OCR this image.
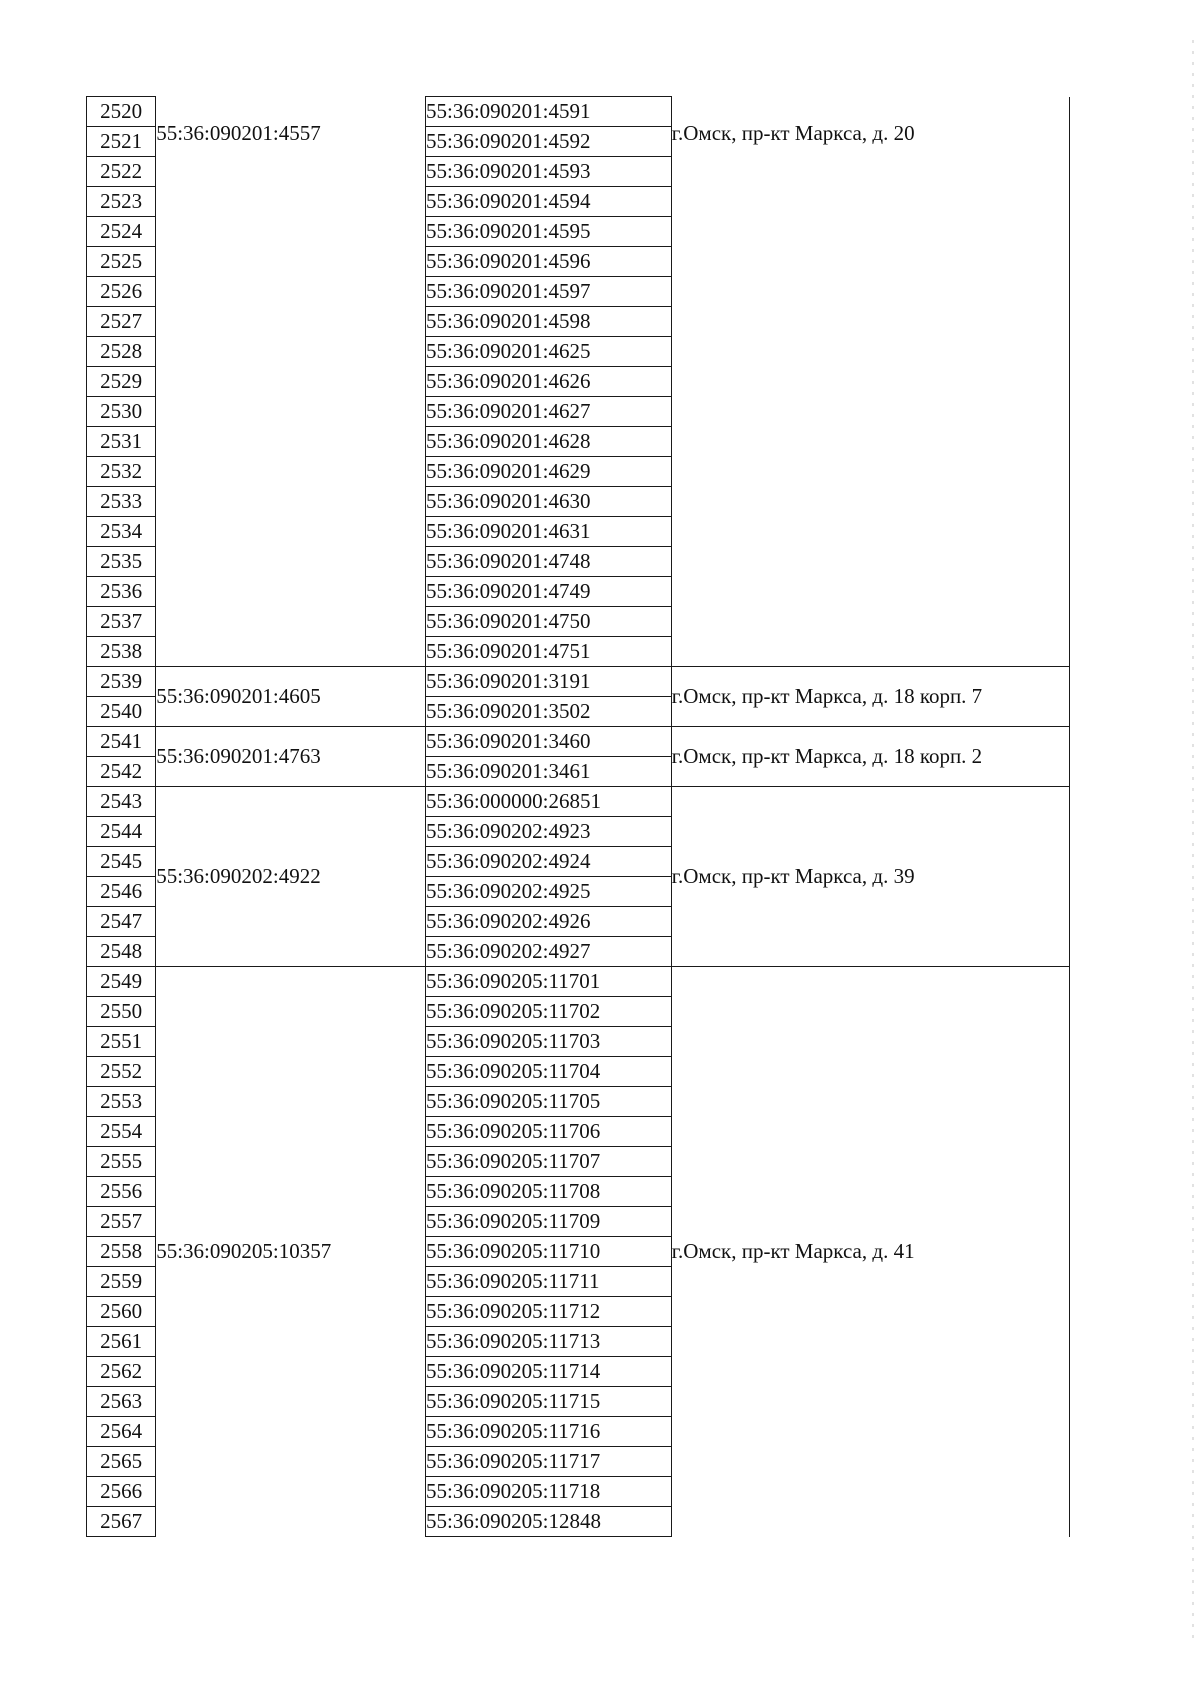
2520	55:36:090201:4557	55:36:090201:4591	г.Омск, пр-кт Маркса, д. 20
2521		55:36:090201:4592	
2522		55:36:090201:4593	
2523		55:36:090201:4594	
2524		55:36:090201:4595	
2525		55:36:090201:4596	
2526		55:36:090201:4597	
2527		55:36:090201:4598	
2528		55:36:090201:4625	
2529		55:36:090201:4626	
2530		55:36:090201:4627	
2531		55:36:090201:4628	
2532		55:36:090201:4629	
2533		55:36:090201:4630	
2534		55:36:090201:4631	
2535		55:36:090201:4748	
2536		55:36:090201:4749	
2537		55:36:090201:4750	
2538		55:36:090201:4751	
2539	55:36:090201:4605	55:36:090201:3191	г.Омск, пр-кт Маркса, д. 18 корп. 7
2540		55:36:090201:3502	
2541	55:36:090201:4763	55:36:090201:3460	г.Омск, пр-кт Маркса, д. 18 корп. 2
2542		55:36:090201:3461	
2543	55:36:090202:4922	55:36:000000:26851	г.Омск, пр-кт Маркса, д. 39
2544		55:36:090202:4923	
2545		55:36:090202:4924	
2546		55:36:090202:4925	
2547		55:36:090202:4926	
2548		55:36:090202:4927	
2549	55:36:090205:10357	55:36:090205:11701	г.Омск, пр-кт Маркса, д. 41
2550		55:36:090205:11702	
2551		55:36:090205:11703	
2552		55:36:090205:11704	
2553		55:36:090205:11705	
2554		55:36:090205:11706	
2555		55:36:090205:11707	
2556		55:36:090205:11708	
2557		55:36:090205:11709	
2558		55:36:090205:11710	
2559		55:36:090205:11711	
2560		55:36:090205:11712	
2561		55:36:090205:11713	
2562		55:36:090205:11714	
2563		55:36:090205:11715	
2564		55:36:090205:11716	
2565		55:36:090205:11717	
2566		55:36:090205:11718	
2567		55:36:090205:12848	
